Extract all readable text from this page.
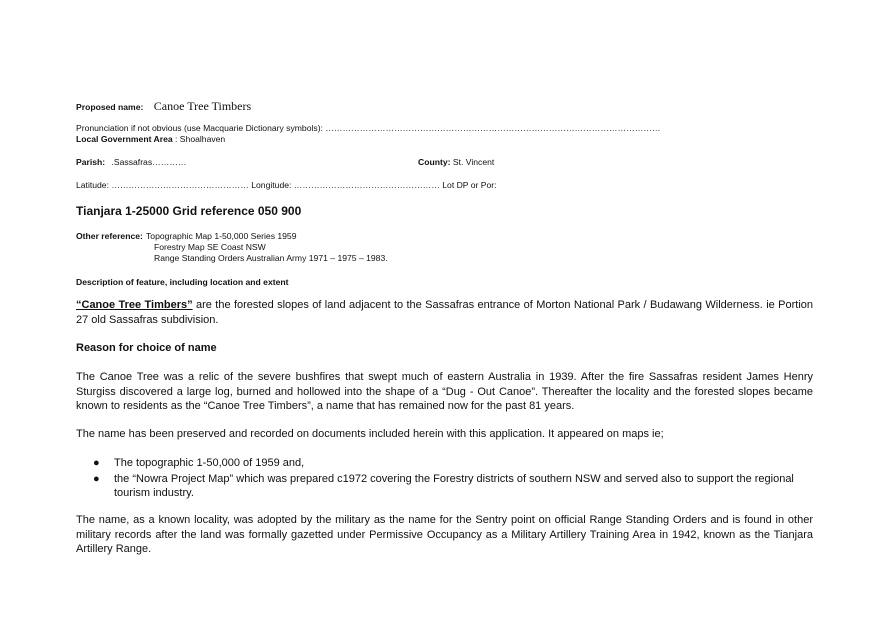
Proposed name: Canoe Tree Timbers
Pronunciation if not obvious (use Macquarie Dictionary symbols): ………………………………………………………………………………………………………
Local Government Area : Shoalhaven
Parish: .Sassafras…………	County: St. Vincent
Latitude: ………………………………………… Longitude: …………………………………………… Lot DP or Por:
Tianjara 1-25000 Grid reference 050 900
Other reference: Topographic Map 1-50,000 Series 1959
Forestry Map SE Coast NSW
Range Standing Orders Australian Army 1971 – 1975 – 1983.
Description of feature, including location and extent
“Canoe Tree Timbers” are the forested slopes of land adjacent to the Sassafras entrance of Morton National Park / Budawang Wilderness. ie Portion 27 old Sassafras subdivision.
Reason for choice of name
The Canoe Tree was a relic of the severe bushfires that swept much of eastern Australia in 1939. After the fire Sassafras resident James Henry Sturgiss discovered a large log, burned and hollowed into the shape of a “Dug - Out Canoe”. Thereafter the locality and the forested slopes became known to residents as the “Canoe Tree Timbers”, a name that has remained now for the past 81 years.
The name has been preserved and recorded on documents included herein with this application. It appeared on maps ie;
● The topographic 1-50,000 of 1959 and,
● the “Nowra Project Map” which was prepared c1972 covering the Forestry districts of southern NSW and served also to support the regional tourism industry.
The name, as a known locality, was adopted by the military as the name for the Sentry point on official Range Standing Orders and is found in other military records after the land was formally gazetted under Permissive Occupancy as a Military Artillery Training Area in 1942, known as the Tianjara Artillery Range.
